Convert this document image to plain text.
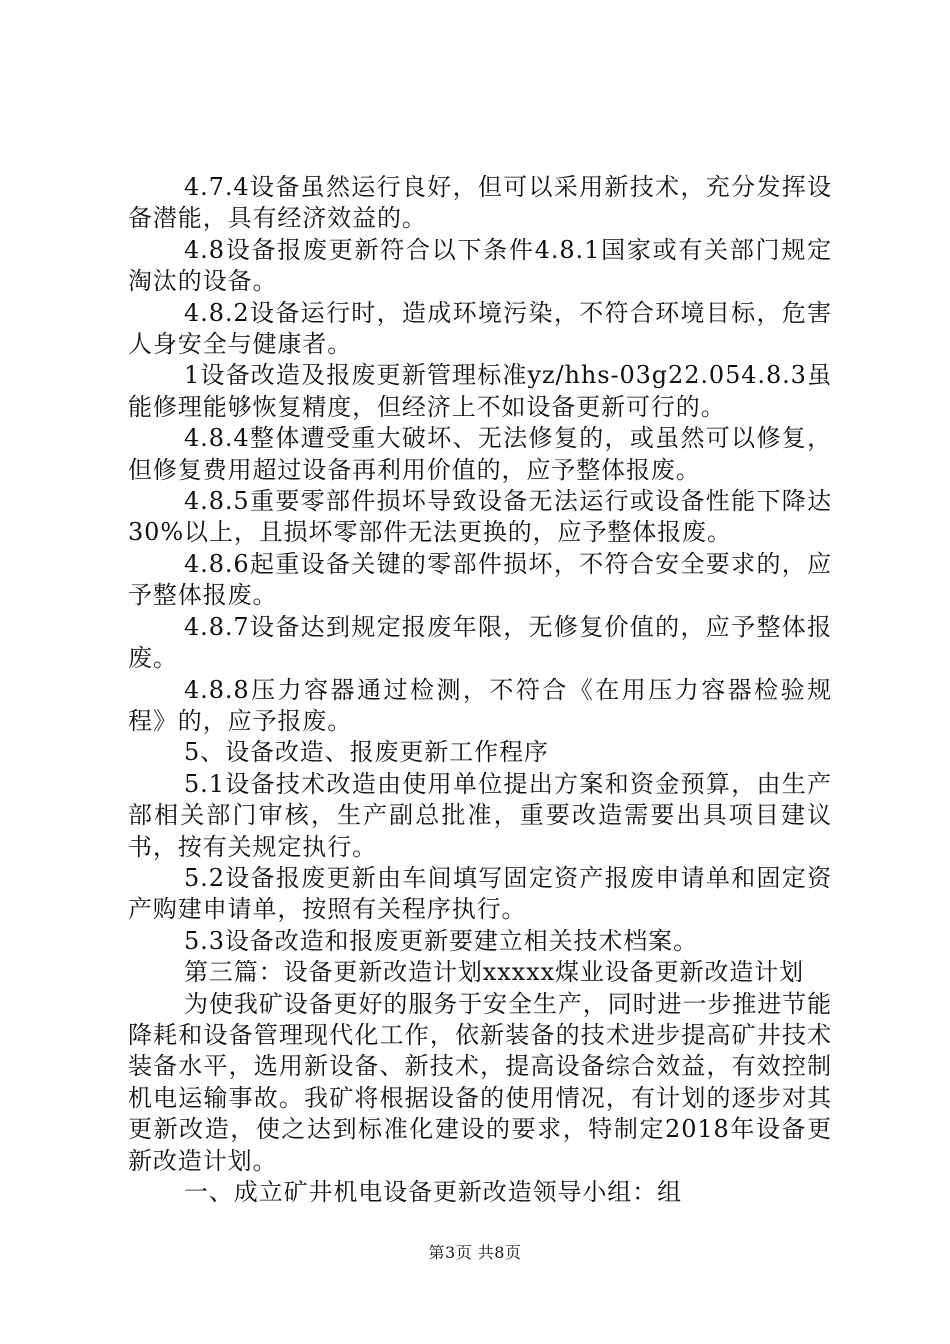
4.7.4设备虽然运行良好，但可以采用新技术，充分发挥设备潜能，具有经济效益的。

4.8设备报废更新符合以下条件4.8.1国家或有关部门规定淘汰的设备。

4.8.2设备运行时，造成环境污染，不符合环境目标，危害人身安全与健康者。

1设备改造及报废更新管理标准yz/hhs-03g22.054.8.3虽能修理能够恢复精度，但经济上不如设备更新可行的。

4.8.4整体遭受重大破坏、无法修复的，或虽然可以修复，但修复费用超过设备再利用价值的，应予整体报废。

4.8.5重要零部件损坏导致设备无法运行或设备性能下降达30%以上，且损坏零部件无法更换的，应予整体报废。

4.8.6起重设备关键的零部件损坏，不符合安全要求的，应予整体报废。

4.8.7设备达到规定报废年限，无修复价值的，应予整体报废。

4.8.8压力容器通过检测，不符合《在用压力容器检验规程》的，应予报废。

5、设备改造、报废更新工作程序

5.1设备技术改造由使用单位提出方案和资金预算，由生产部相关部门审核，生产副总批准，重要改造需要出具项目建议书，按有关规定执行。

5.2设备报废更新由车间填写固定资产报废申请单和固定资产购建申请单，按照有关程序执行。

5.3设备改造和报废更新要建立相关技术档案。

第三篇：设备更新改造计划xxxxx煤业设备更新改造计划

为使我矿设备更好的服务于安全生产，同时进一步推进节能降耗和设备管理现代化工作，依新装备的技术进步提高矿井技术装备水平，选用新设备、新技术，提高设备综合效益，有效控制机电运输事故。我矿将根据设备的使用情况，有计划的逐步对其更新改造，使之达到标准化建设的要求，特制定2018年设备更新改造计划。

一、成立矿井机电设备更新改造领导小组：组

第3页 共8页
